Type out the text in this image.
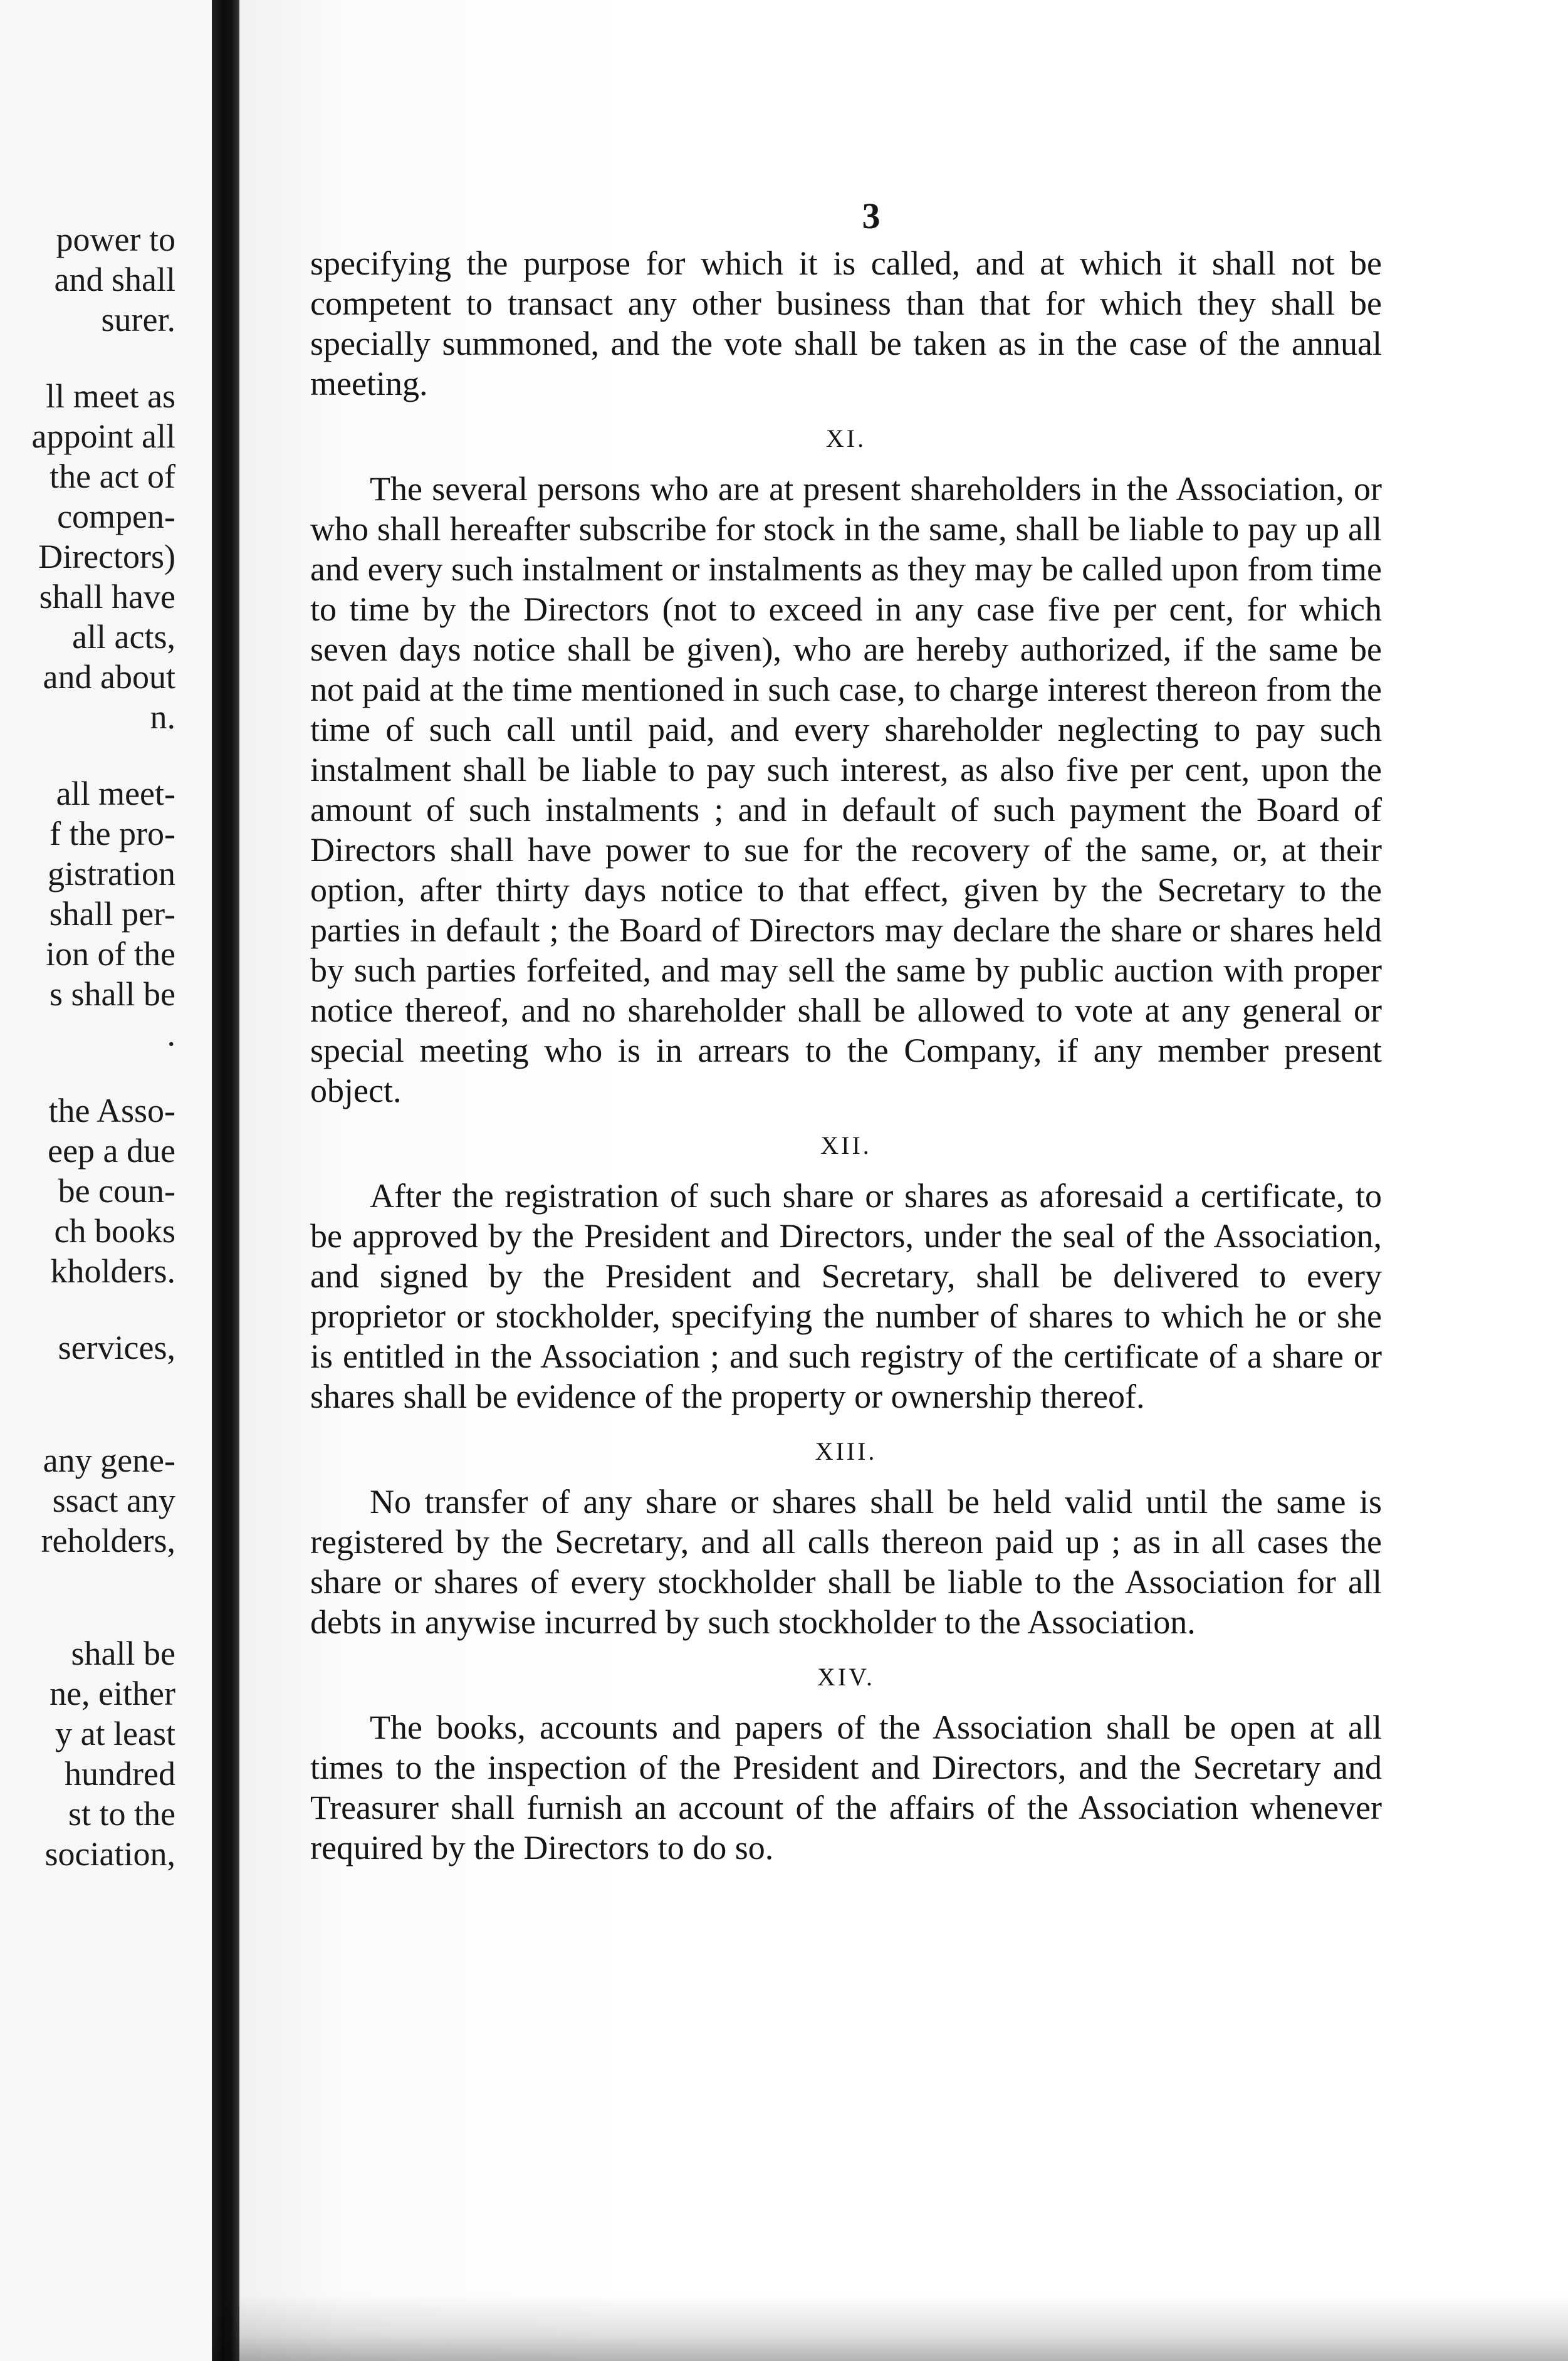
power to
and shall
surer.
ll meet as
appoint all
the act of
compen-
Directors)
shall have
all acts,
and about
n.
all meet-
f the pro-
gistration
shall per-
ion of the
s shall be
.
the Asso-
eep a due
be coun-
ch books
kholders.
services,
any gene-
ssact any
reholders,
shall be
ne, either
y at least
hundred
st to the
sociation,
3

specifying the purpose for which it is called, and at which it shall not be competent to transact any other business than that for which they shall be specially summoned, and the vote shall be taken as in the case of the annual meeting.

XI.

The several persons who are at present shareholders in the Association, or who shall hereafter subscribe for stock in the same, shall be liable to pay up all and every such instalment or instalments as they may be called upon from time to time by the Directors (not to exceed in any case five per cent, for which seven days notice shall be given), who are hereby authorized, if the same be not paid at the time mentioned in such case, to charge interest thereon from the time of such call until paid, and every shareholder neglecting to pay such instalment shall be liable to pay such interest, as also five per cent, upon the amount of such instalments ; and in default of such payment the Board of Directors shall have power to sue for the recovery of the same, or, at their option, after thirty days notice to that effect, given by the Secretary to the parties in default ; the Board of Directors may declare the share or shares held by such parties forfeited, and may sell the same by public auction with proper notice thereof, and no shareholder shall be allowed to vote at any general or special meeting who is in arrears to the Company, if any member present object.

XII.

After the registration of such share or shares as aforesaid a certificate, to be approved by the President and Directors, under the seal of the Association, and signed by the President and Secretary, shall be delivered to every proprietor or stockholder, specifying the number of shares to which he or she is entitled in the Association ; and such registry of the certificate of a share or shares shall be evidence of the property or ownership thereof.

XIII.

No transfer of any share or shares shall be held valid until the same is registered by the Secretary, and all calls thereon paid up ; as in all cases the share or shares of every stockholder shall be liable to the Association for all debts in anywise incurred by such stockholder to the Association.

XIV.

The books, accounts and papers of the Association shall be open at all times to the inspection of the President and Directors, and the Secretary and Treasurer shall furnish an account of the affairs of the Association whenever required by the Directors to do so.
